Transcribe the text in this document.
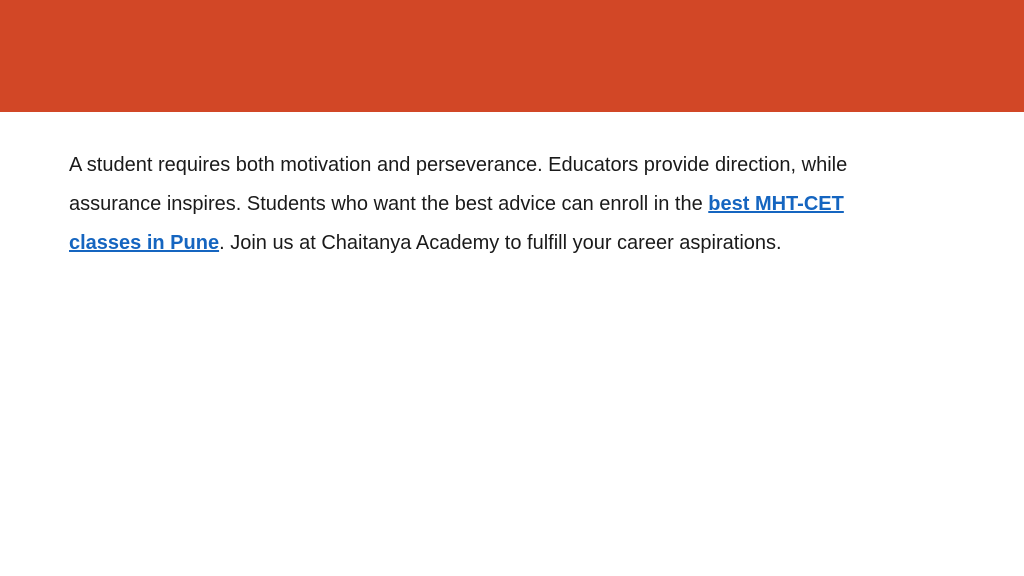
A student requires both motivation and perseverance. Educators provide direction, while assurance inspires. Students who want the best advice can enroll in the best MHT-CET classes in Pune. Join us at Chaitanya Academy to fulfill your career aspirations.
